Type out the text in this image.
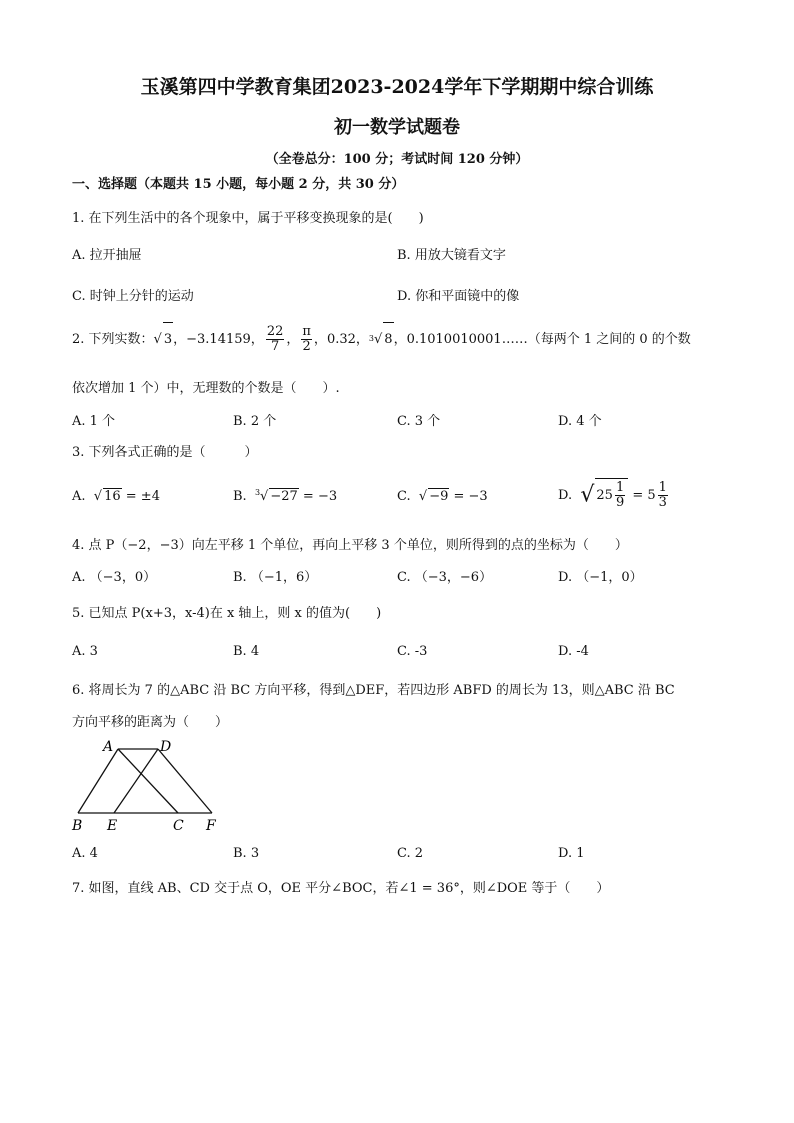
玉溪第四中学教育集团2023-2024学年下学期期中综合训练
初一数学试题卷
（全卷总分：100 分；考试时间 120 分钟）
一、选择题（本题共 15 小题，每小题 2 分，共 30 分）
1. 在下列生活中的各个现象中，属于平移变换现象的是(　　)
A. 拉开抽屉	B. 用放大镜看文字
C. 时钟上分针的运动	D. 你和平面镜中的像
2. 下列实数：√ 3，−3.14159， $\frac{22}{7}$ ， $\frac{\pi}{2}$ ，0.32，$^3$√ 8，0.1010010001……（每两个 1 之间的 0 的个数
依次增加 1 个）中，无理数的个数是（　　）.
A. 1 个	B. 2 个	C. 3 个	D. 4 个
3. 下列各式正确的是（　　　）
A. √ 16 = ±4	B. $^3$√ −27 = −3	C. √ −9 = −3	D. √ $25 \frac{1}{9} = 5 \frac{1}{3}$
4. 点 P（−2，−3）向左平移 1 个单位，再向上平移 3 个单位，则所得到的点的坐标为（　　）
A. （−3，0）	B. （−1，6）	C. （−3，−6）	D. （−1，0）
5. 已知点 P(x+3，x-4)在 x 轴上，则 x 的值为(　　)
A. 3	B. 4	C. -3	D. -4
6. 将周长为 7 的△ABC 沿 BC 方向平移，得到△DEF，若四边形 ABFD 的周长为 13，则△ABC 沿 BC
方向平移的距离为（　　）
A	D
B E	C F
A. 4	B. 3	C. 2	D. 1
7. 如图，直线 AB、CD 交于点 O，OE 平分∠BOC，若∠1 = 36°，则∠DOE 等于（　　）
